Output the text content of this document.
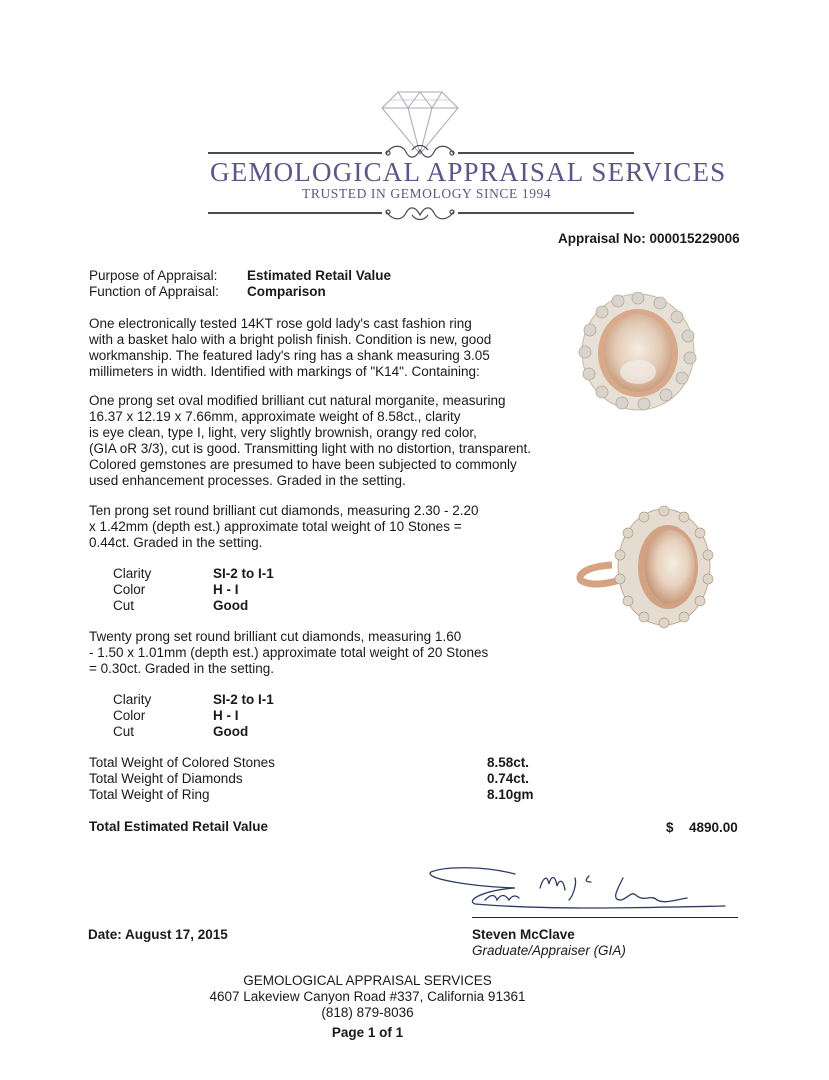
GEMOLOGICAL APPRAISAL SERVICES
TRUSTED IN GEMOLOGY SINCE 1994
Appraisal No: 000015229006
Purpose of Appraisal: Estimated Retail Value
Function of Appraisal: Comparison
One electronically tested 14KT rose gold lady's cast fashion ring
with a basket halo with a bright polish finish. Condition is new, good
workmanship. The featured lady's ring has a shank measuring 3.05
millimeters in width. Identified with markings of "K14". Containing:
One prong set oval modified brilliant cut natural morganite, measuring
16.37 x 12.19 x 7.66mm, approximate weight of 8.58ct., clarity
is eye clean, type I, light, very slightly brownish, orangy red color,
(GIA oR 3/3), cut is good. Transmitting light with no distortion, transparent.
Colored gemstones are presumed to have been subjected to commonly
used enhancement processes. Graded in the setting.
Ten prong set round brilliant cut diamonds, measuring 2.30 - 2.20
x 1.42mm (depth est.) approximate total weight of 10 Stones =
0.44ct. Graded in the setting.
Clarity	SI-2 to I-1
Color	H - I
Cut	Good
Twenty prong set round brilliant cut diamonds, measuring 1.60
- 1.50 x 1.01mm (depth est.) approximate total weight of 20 Stones
= 0.30ct. Graded in the setting.
Clarity	SI-2 to I-1
Color	H - I
Cut	Good
Total Weight of Colored Stones	8.58ct.
Total Weight of Diamonds	0.74ct.
Total Weight of Ring	8.10gm
Total Estimated Retail Value	$ 4890.00
Steven McClave
Graduate/Appraiser (GIA)
Date: August 17, 2015
GEMOLOGICAL APPRAISAL SERVICES
4607 Lakeview Canyon Road #337, California 91361
(818) 879-8036
Page 1 of 1
